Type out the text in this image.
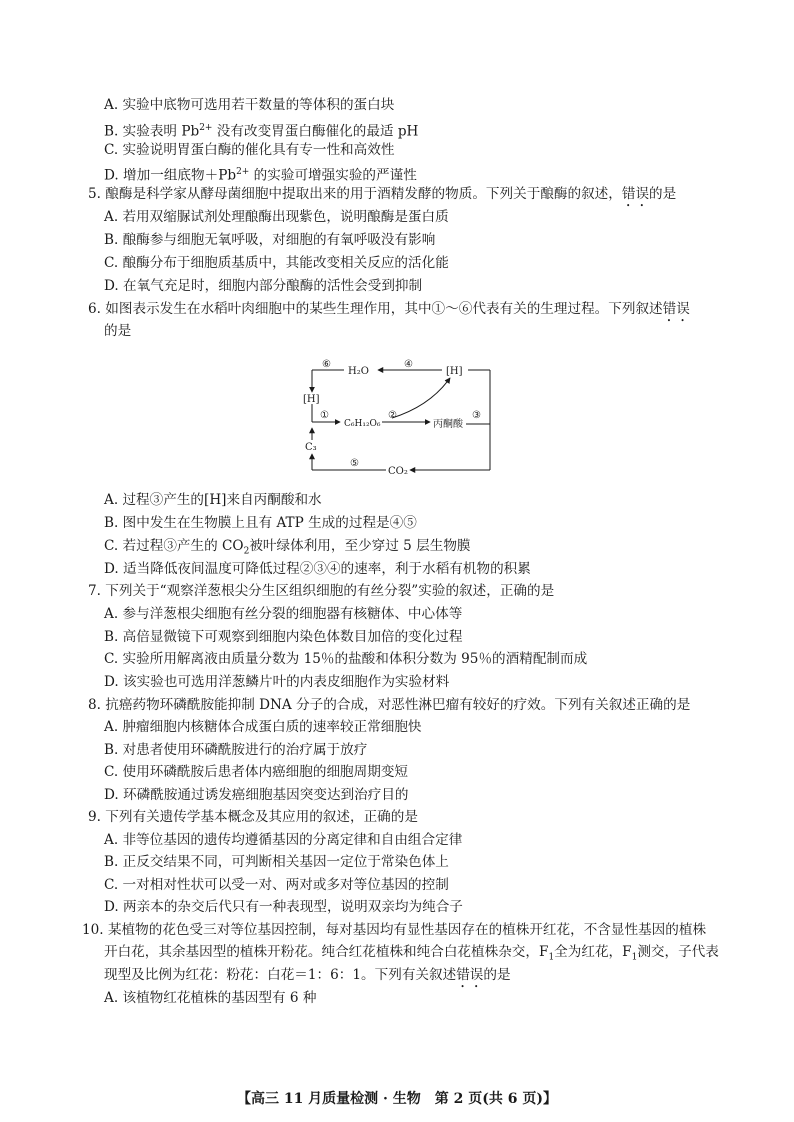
A. 实验中底物可选用若干数量的等体积的蛋白块
B. 实验表明 $Pb^{2+}$ 没有改变胃蛋白酶催化的最适 pH
C. 实验说明胃蛋白酶的催化具有专一性和高效性
D. 增加一组底物$+Pb^{2+}$ 的实验可增强实验的严谨性
5. 酿酶是科学家从酵母菌细胞中提取出来的用于酒精发酵的物质。下列关于酿酶的叙述，错误的是
A. 若用双缩脲试剂处理酿酶出现紫色，说明酿酶是蛋白质
B. 酿酶参与细胞无氧呼吸，对细胞的有氧呼吸没有影响
C. 酿酶分布于细胞质基质中，其能改变相关反应的活化能
D. 在氧气充足时，细胞内部分酿酶的活性会受到抑制
6. 如图表示发生在水稻叶肉细胞中的某些生理作用，其中①～⑥代表有关的生理过程。下列叙述错误
的是
H₂O	[H]
[H]
C₆H₁₂O₆	丙酮酸
C₃
CO₂
①	②	③
④
⑤
⑥
A. 过程③产生的[H]来自丙酮酸和水
B. 图中发生在生物膜上且有 ATP 生成的过程是④⑤
C. 若过程③产生的 $CO_2$被叶绿体利用，至少穿过 5 层生物膜
D. 适当降低夜间温度可降低过程②③④的速率，利于水稻有机物的积累
7. 下列关于“观察洋葱根尖分生区组织细胞的有丝分裂”实验的叙述，正确的是
A. 参与洋葱根尖细胞有丝分裂的细胞器有核糖体、中心体等
B. 高倍显微镜下可观察到细胞内染色体数目加倍的变化过程
C. 实验所用解离液由质量分数为 15％的盐酸和体积分数为 95％的酒精配制而成
D. 该实验也可选用洋葱鳞片叶的内表皮细胞作为实验材料
8. 抗癌药物环磷酰胺能抑制 DNA 分子的合成，对恶性淋巴瘤有较好的疗效。下列有关叙述正确的是
A. 肿瘤细胞内核糖体合成蛋白质的速率较正常细胞快
B. 对患者使用环磷酰胺进行的治疗属于放疗
C. 使用环磷酰胺后患者体内癌细胞的细胞周期变短
D. 环磷酰胺通过诱发癌细胞基因突变达到治疗目的
9. 下列有关遗传学基本概念及其应用的叙述，正确的是
A. 非等位基因的遗传均遵循基因的分离定律和自由组合定律
B. 正反交结果不同，可判断相关基因一定位于常染色体上
C. 一对相对性状可以受一对、两对或多对等位基因的控制
D. 两亲本的杂交后代只有一种表现型，说明双亲均为纯合子
10. 某植物的花色受三对等位基因控制，每对基因均有显性基因存在的植株开红花，不含显性基因的植株
开白花，其余基因型的植株开粉花。纯合红花植株和纯合白花植株杂交，$F_1$全为红花，$F_1$测交，子代表
现型及比例为红花：粉花：白花＝1：6：1。下列有关叙述错误的是
A. 该植物红花植株的基因型有 6 种
【高三 11 月质量检测 · 生物　第 2 页(共 6 页)】
